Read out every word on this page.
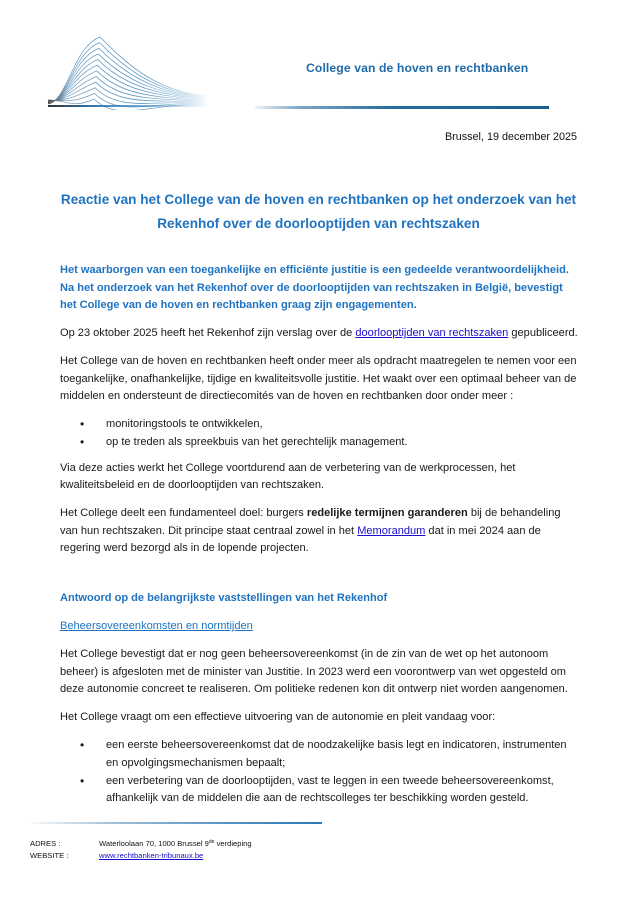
College van de hoven en rechtbanken
Brussel, 19 december 2025
Reactie van het College van de hoven en rechtbanken op het onderzoek van het
Rekenhof over de doorlooptijden van rechtszaken

Het waarborgen van een toegankelijke en efficiënte justitie is een gedeelde verantwoordelijkheid. Na het onderzoek van het Rekenhof over de doorlooptijden van rechtszaken in België, bevestigt het College van de hoven en rechtbanken graag zijn engagementen.

Op 23 oktober 2025 heeft het Rekenhof zijn verslag over de doorlooptijden van rechtszaken gepubliceerd.

Het College van de hoven en rechtbanken heeft onder meer als opdracht maatregelen te nemen voor een toegankelijke, onafhankelijke, tijdige en kwaliteitsvolle justitie. Het waakt over een optimaal beheer van de middelen en ondersteunt de directiecomités van de hoven en rechtbanken door onder meer :

• monitoringstools te ontwikkelen,
• op te treden als spreekbuis van het gerechtelijk management.

Via deze acties werkt het College voortdurend aan de verbetering van de werkprocessen, het kwaliteitsbeleid en de doorlooptijden van rechtszaken.

Het College deelt een fundamenteel doel: burgers redelijke termijnen garanderen bij de behandeling van hun rechtszaken. Dit principe staat centraal zowel in het Memorandum dat in mei 2024 aan de regering werd bezorgd als in de lopende projecten.

Antwoord op de belangrijkste vaststellingen van het Rekenhof

Beheersovereenkomsten en normtijden

Het College bevestigt dat er nog geen beheersovereenkomst (in de zin van de wet op het autonoom beheer) is afgesloten met de minister van Justitie. In 2023 werd een voorontwerp van wet opgesteld om deze autonomie concreet te realiseren. Om politieke redenen kon dit ontwerp niet worden aangenomen.

Het College vraagt om een effectieve uitvoering van de autonomie en pleit vandaag voor:

• een eerste beheersovereenkomst dat de noodzakelijke basis legt en indicatoren, instrumenten en opvolgingsmechanismen bepaalt;
• een verbetering van de doorlooptijden, vast te leggen in een tweede beheersovereenkomst, afhankelijk van de middelen die aan de rechtscolleges ter beschikking worden gesteld.
ADRES :	Waterloolaan 70, 1000 Brussel 9de verdieping
WEBSITE :	www.rechtbanken-tribunaux.be
